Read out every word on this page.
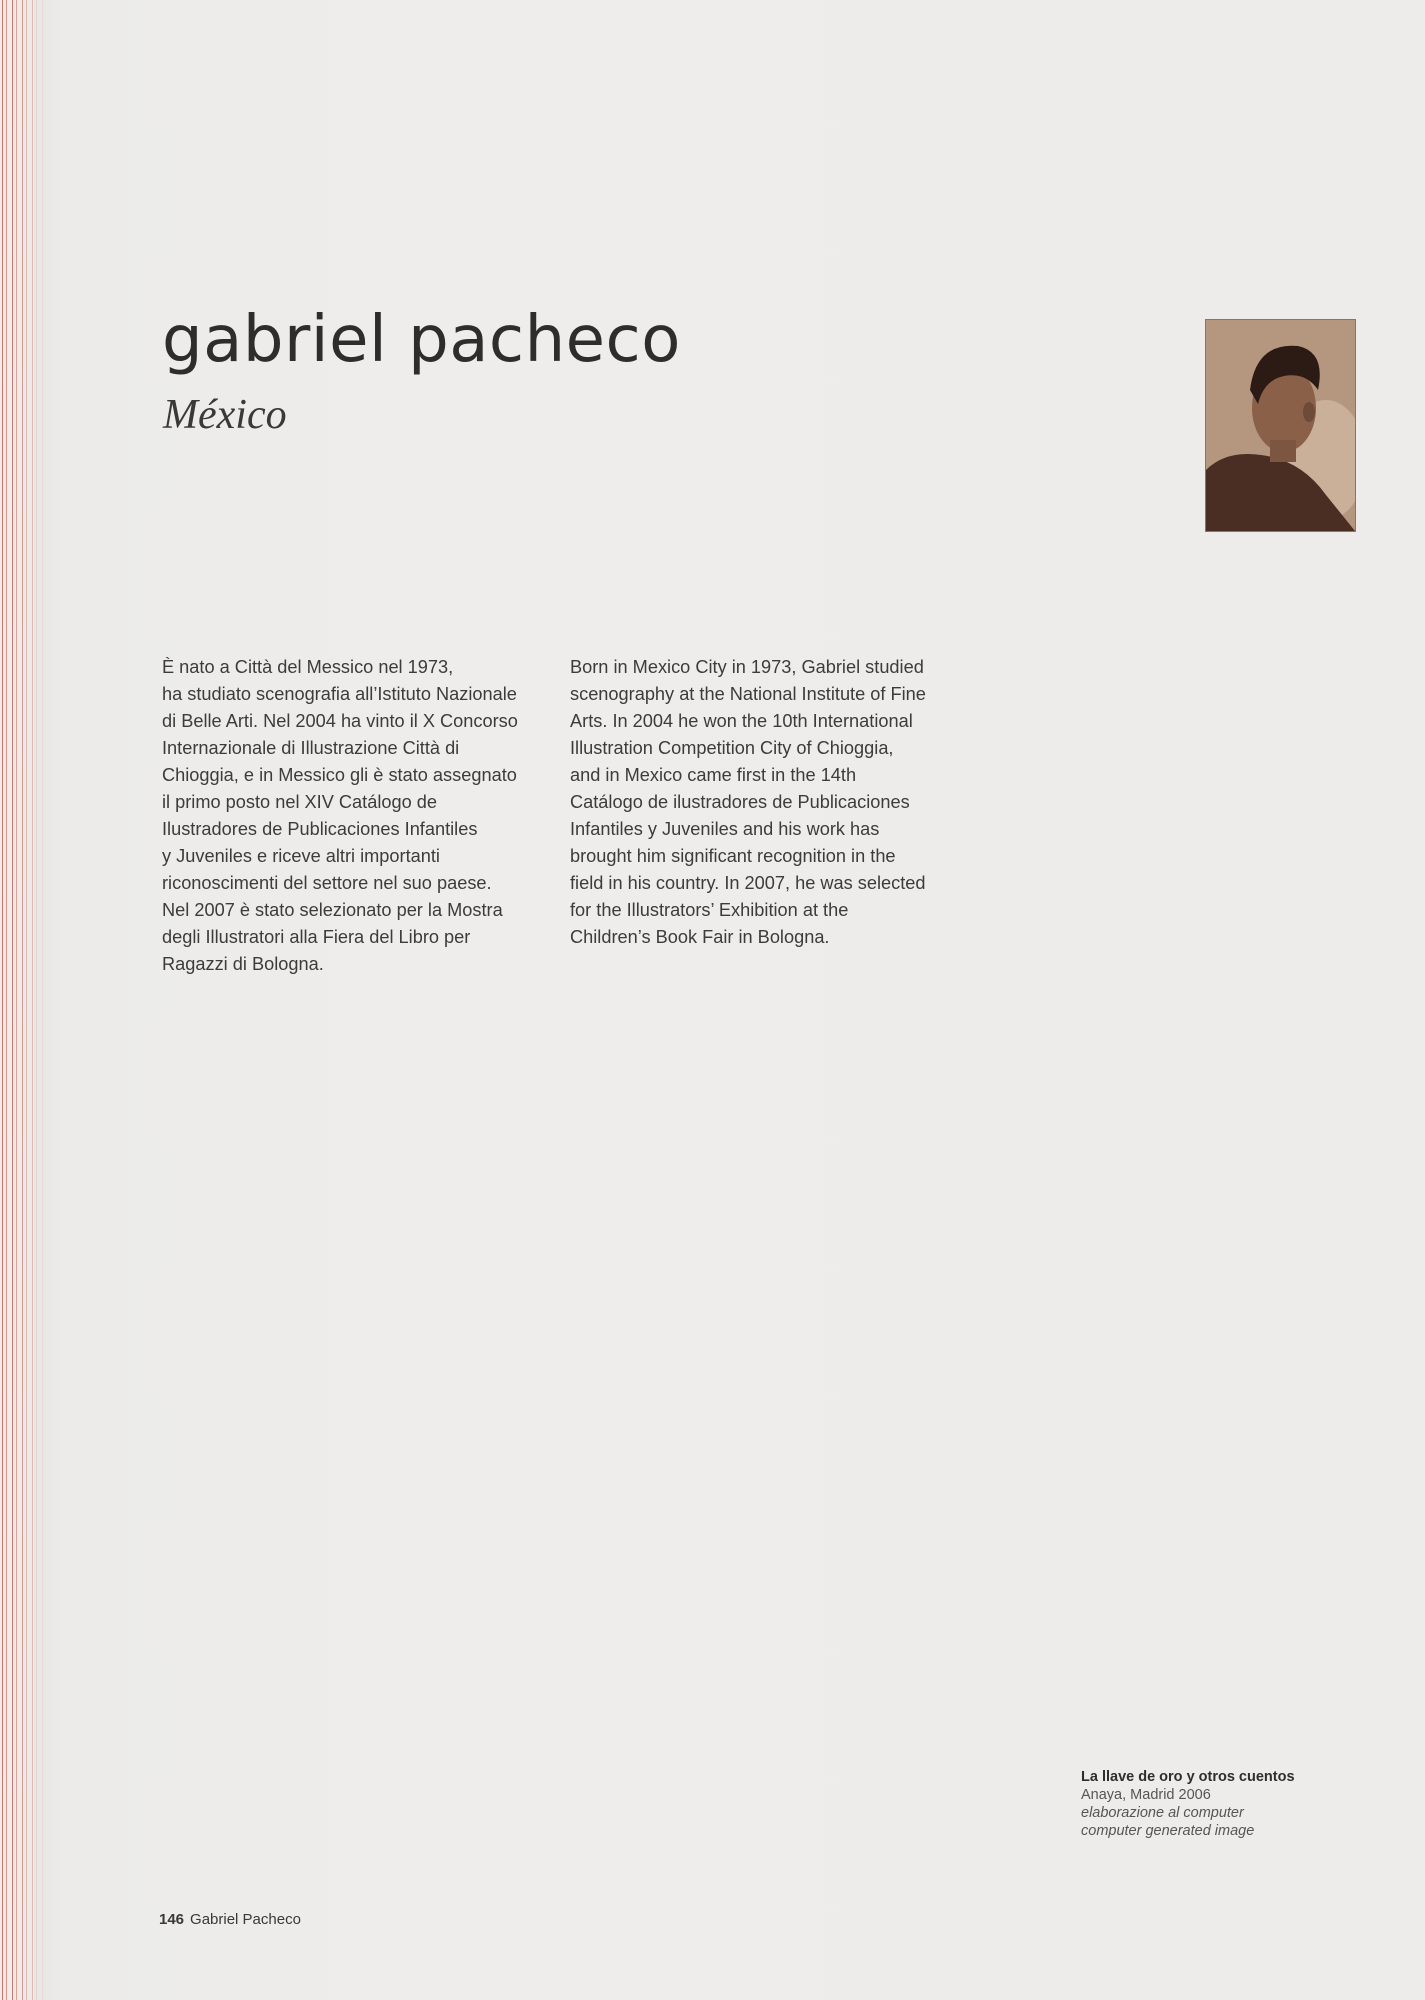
gabriel pacheco
México
È nato a Città del Messico nel 1973,
ha studiato scenografia all’Istituto Nazionale
di Belle Arti. Nel 2004 ha vinto il X Concorso
Internazionale di Illustrazione Città di
Chioggia, e in Messico gli è stato assegnato
il primo posto nel XIV Catálogo de
Ilustradores de Publicaciones Infantiles
y Juveniles e riceve altri importanti
riconoscimenti del settore nel suo paese.
Nel 2007 è stato selezionato per la Mostra
degli Illustratori alla Fiera del Libro per
Ragazzi di Bologna.
Born in Mexico City in 1973, Gabriel studied
scenography at the National Institute of Fine
Arts. In 2004 he won the 10th International
Illustration Competition City of Chioggia,
and in Mexico came first in the 14th
Catálogo de ilustradores de Publicaciones
Infantiles y Juveniles and his work has
brought him significant recognition in the
field in his country. In 2007, he was selected
for the Illustrators’ Exhibition at the
Children’s Book Fair in Bologna.
La llave de oro y otros cuentos
Anaya, Madrid 2006
elaborazione al computer
computer generated image
146 Gabriel Pacheco
